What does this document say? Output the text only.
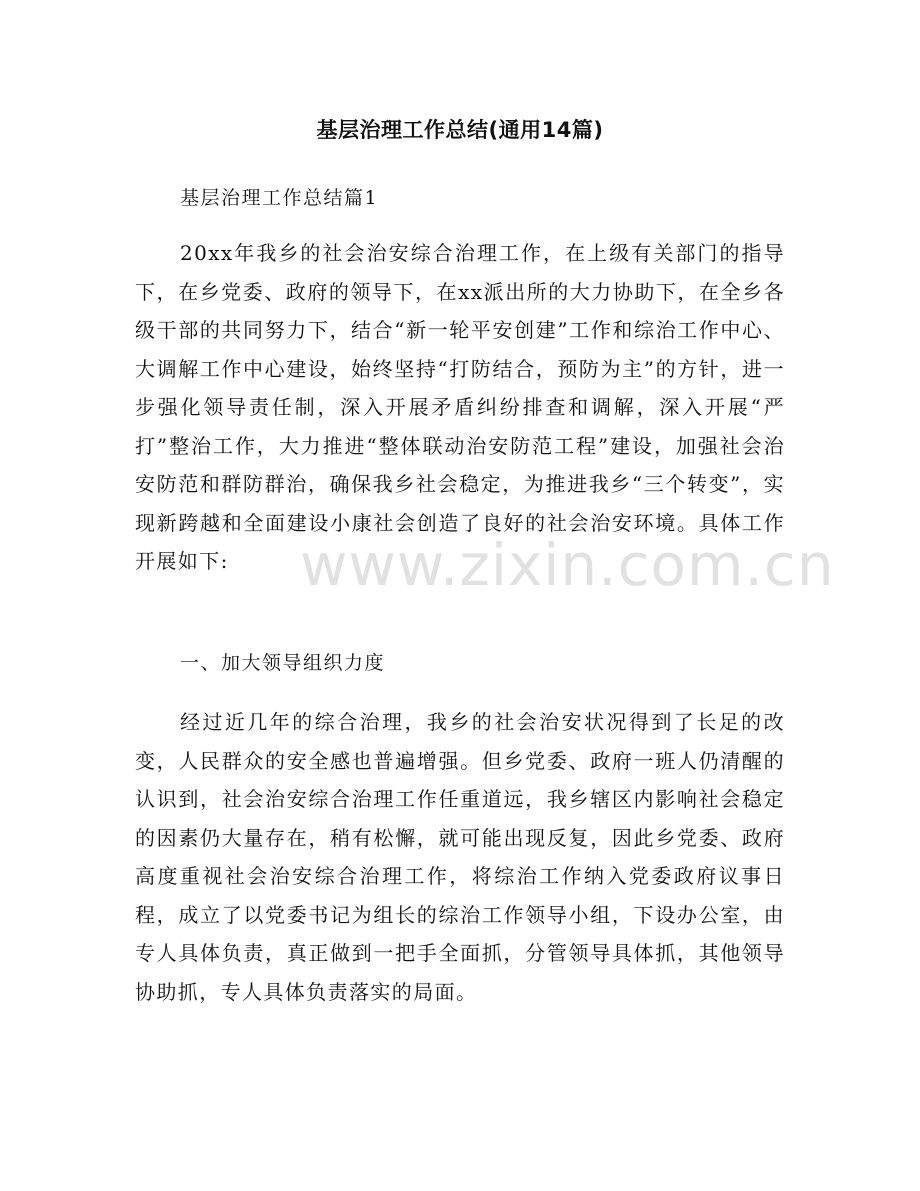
基层治理工作总结(通用14篇)
基层治理工作总结篇1
20xx年我乡的社会治安综合治理工作，在上级有关部门的指导下，在乡党委、政府的领导下，在xx派出所的大力协助下，在全乡各级干部的共同努力下，结合“新一轮平安创建”工作和综治工作中心、大调解工作中心建设，始终坚持“打防结合，预防为主”的方针，进一步强化领导责任制，深入开展矛盾纠纷排查和调解，深入开展“严打”整治工作，大力推进“整体联动治安防范工程”建设，加强社会治安防范和群防群治，确保我乡社会稳定，为推进我乡“三个转变”，实现新跨越和全面建设小康社会创造了良好的社会治安环境。具体工作开展如下:
一、加大领导组织力度
经过近几年的综合治理，我乡的社会治安状况得到了长足的改变，人民群众的安全感也普遍增强。但乡党委、政府一班人仍清醒的认识到，社会治安综合治理工作任重道远，我乡辖区内影响社会稳定的因素仍大量存在，稍有松懈，就可能出现反复，因此乡党委、政府高度重视社会治安综合治理工作，将综治工作纳入党委政府议事日程，成立了以党委书记为组长的综治工作领导小组，下设办公室，由专人具体负责，真正做到一把手全面抓，分管领导具体抓，其他领导协助抓，专人具体负责落实的局面。
www.zixin.com.cn
